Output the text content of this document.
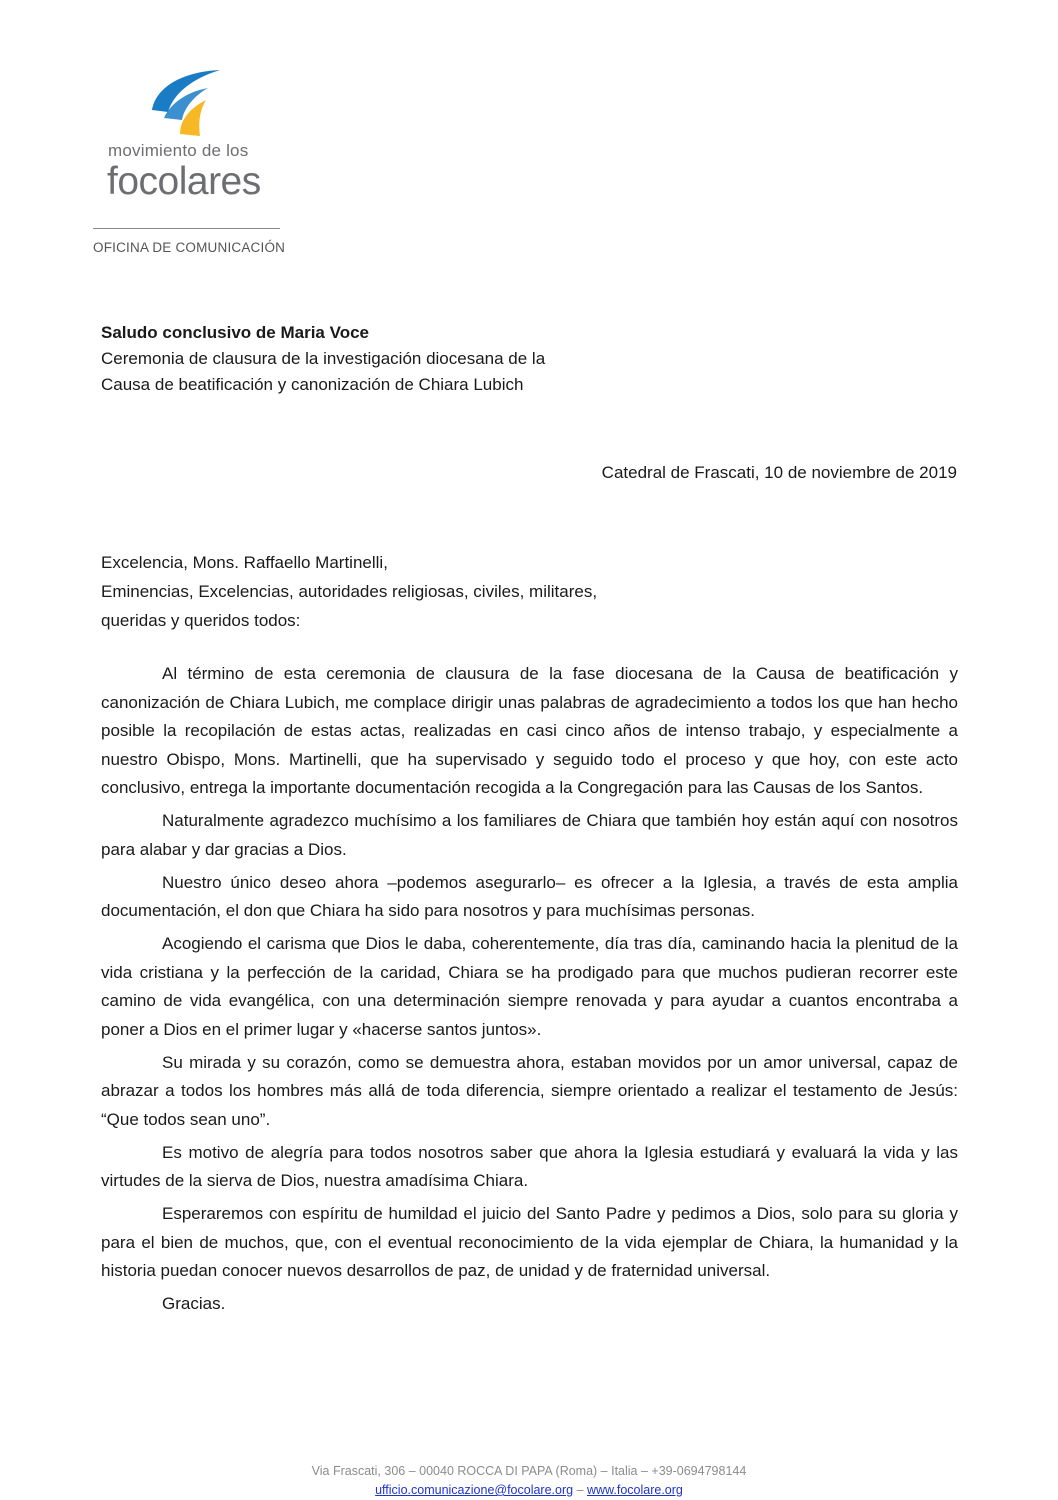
movimiento de los
focolares
OFICINA DE COMUNICACIÓN
Saludo conclusivo de Maria Voce
Ceremonia de clausura de la investigación diocesana de la
Causa de beatificación y canonización de Chiara Lubich
Catedral de Frascati, 10 de noviembre de 2019
Excelencia, Mons. Raffaello Martinelli,
Eminencias, Excelencias, autoridades religiosas, civiles, militares,
queridas y queridos todos:

Al término de esta ceremonia de clausura de la fase diocesana de la Causa de beatificación y canonización de Chiara Lubich, me complace dirigir unas palabras de agradecimiento a todos los que han hecho posible la recopilación de estas actas, realizadas en casi cinco años de intenso trabajo, y especialmente a nuestro Obispo, Mons. Martinelli, que ha supervisado y seguido todo el proceso y que hoy, con este acto conclusivo, entrega la importante documentación recogida a la Congregación para las Causas de los Santos.

Naturalmente agradezco muchísimo a los familiares de Chiara que también hoy están aquí con nosotros para alabar y dar gracias a Dios.

Nuestro único deseo ahora –podemos asegurarlo– es ofrecer a la Iglesia, a través de esta amplia documentación, el don que Chiara ha sido para nosotros y para muchísimas personas.

Acogiendo el carisma que Dios le daba, coherentemente, día tras día, caminando hacia la plenitud de la vida cristiana y la perfección de la caridad, Chiara se ha prodigado para que muchos pudieran recorrer este camino de vida evangélica, con una determinación siempre renovada y para ayudar a cuantos encontraba a poner a Dios en el primer lugar y «hacerse santos juntos».

Su mirada y su corazón, como se demuestra ahora, estaban movidos por un amor universal, capaz de abrazar a todos los hombres más allá de toda diferencia, siempre orientado a realizar el testamento de Jesús: “Que todos sean uno”.

Es motivo de alegría para todos nosotros saber que ahora la Iglesia estudiará y evaluará la vida y las virtudes de la sierva de Dios, nuestra amadísima Chiara.

Esperaremos con espíritu de humildad el juicio del Santo Padre y pedimos a Dios, solo para su gloria y para el bien de muchos, que, con el eventual reconocimiento de la vida ejemplar de Chiara, la humanidad y la historia puedan conocer nuevos desarrollos de paz, de unidad y de fraternidad universal.

Gracias.

Via Frascati, 306 – 00040 ROCCA DI PAPA (Roma) – Italia – +39-0694798144
ufficio.comunicazione@focolare.org – www.focolare.org
